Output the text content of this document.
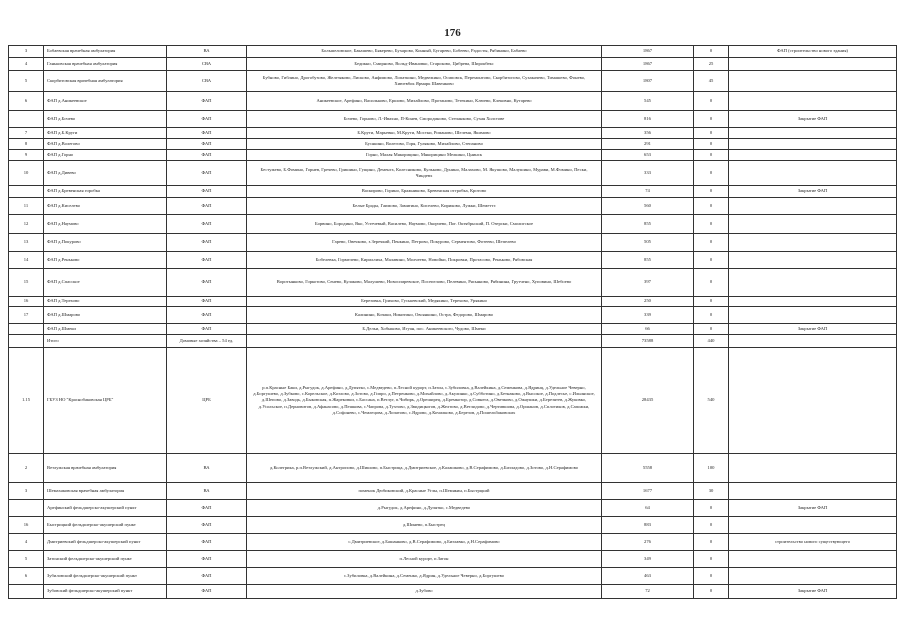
176
3	Бобаевская врачебная амбулатория	ВА	Большеловское, Бакашево, Бякерево, Бухарово, Конный, Бугарево, Бобеево, Радосты, Рябинино, Бабаево	1867	0	ФАП (строительство нового здания)
4	Ганьковская врачебная амбулатория	СВА	Бедикно, Смирново, Вольд-Ивановко, Староково, Цибрева, Широкбекс	1867	25	
5	Скорбитовская врачебная амбулатория	СВА	Бубново, Гиблино, Дрогобузово, Железяково, Лисково, Анфимово, Лопаткино, Медвежино, Осиповск, Перемонтово, Скорбитогово, Сухакачево, Тимашево, Фонево, Хиюевбок Ярмарк Шавенково	1807	45	
6	ФАП д.Аникеевское	ФАП	Аникеевское, Арефино, Васильково, Ершово, Михайлово, Протаново, Тетекино, Клюево, Клековно, Кутарево	545	0	
	ФАП д.Бочево	ФАП	Бочево, Горново, Л.-Ивахно, П-Конев, Смородиново, Степанково, Сухая Холстове	816	0	Закрытие ФАП
7	ФАП д.Б.Круги	ФАП	Б.Крути, Марьевко, М.Крути, Мостки, Романово, Шелемя, Якимово	356	0	
8	ФАП д.Волегово	ФАП	Бусякино, Волегово, Горя, Гуляково, Михайлово, Степаново	291	0	
9	ФАП д.Горно	ФАП	Горно, Малая Мякорицино, Мякорицино Мелкино, Цнинск	653	0	
10	ФАП д.Дивево	ФАП	Бестужево, Б.Фомино, Горнев, Гречево, Гришино, Гущино, Деменгх, Колесниково, Кульково, Дунино, Малахово, М. Якушово, Малушино, Мурави, М.Фомино, Пески, Чиндевх	333	0	
	ФАП д.Бревенская горобка	ФАП	Васкирово, Горино, Бражниково, Бревенская отгробка, Кротово	74	0	Закрытие ФАП
11	ФАП д.Киселево	ФАП	Белые Брады, Гаимово, Замятино, Киселево, Кириково, Лужки, Шеметтэ	560	0	
12	ФАП д.Наумово	ФАП	Борвино, Бородино, Вко, Устечевый, Василево, Наумово, Окорчево, Пог. Октябрьский, П. Озерски, Смолигское	855	0	
13	ФАП д.Покурово	ФАП	Гарево, Овечково, з.Зеречкий, Пенкино, Петрово, Покурово, Серментово, Фотеево, Шепелево	505	0	
14	ФАП д.Реньково	ФАП	Бобелевка, Гормелево, Кириллиха, Малавино, Молчеево, Новойки, Покровки, Протасово, Реньково, Рябовская	855	0	
15	ФАП д.Спасское	ФАП	Воротынково, Горкотово, Сенево, Кулаково, Малушево, Новоспиревское, Посепелово, Пелевино, Рясьяново, Рябинина, Грутчено, Хуповино, Шебоево	397	0	
16	ФАП д.Терехово	ФАП	Березовка, Грихово, Гуськевский, Медякино, Терехово, Урякино	250	0	
17	ФАП д.Шмарово	ФАП	Калинино, Кочаки, Никитино, Овсянкино, Остра, Федорово, Шмарово	339	0	
	ФАП д.Шмеки	ФАП	Б.Дельи, Хобыково, Игуан, пос. Аникеевского, Чудово, Шмеки	66	0	Закрытие ФАП
	Итого	Домовые хозяйства – 54 ед.		73588	440	
1.15	ГБУЗ НО "Краснобаковская ЦРБ"	ЦРБ	р.п.Красные Баки, д.Рыгудок, д.Арефино, д.Дупятко, с.Медведево, п.Лесной курорт, п.Затон, с.Зубиловка, д.Валейкина, д.Семенкова, д.Ядринц, д.Удельное Чеверно, д.Боргушево, д.Зубково, с.Корельское, д.Козлово, д.Зотово, д.Гипро, д.Петренково, д.Михайлово, д.Акулинко, д.Субботино, д.Бетнаково, д.Высокое, д.Подлесье, с.Ильинское, д.Шепово, д.Заводь, д.Быковская, п.Жарековки, с.Бассана, п.Ветлуг, п.Чибирь, д.Ореширец, д.Бремкотор, д.Совнега, д.Овечково, д.Ожаушки, д.Березятев, д.Жуковко, д.Усольское, п.Дерновитов, д.Афанасово, д.Пешкова, с.Чапрова, д.Тухтово, д.Звидицкогов, д.Желтово, д.Ветлидово, д.Чертившова, д.Оршанов, д.Сплотиков, д.Сапожки, д.Софонево, с.Чемлецова, д.Лопатово, с.Ядрово, д.Кочилково, д.Березов, д.Пошельбаковских	28435	540	
2	Ветлужская врачебная амбулатория	ВА	д.Колегрика, р.п.Ветлужский, д.Антропово, д.Шишово, п.Быстрица, д.Дмитриевское, д.Калашково, д.В.Серафимово, д.Бизладово, д.Зотово, д.Н.Серафимово	5558	100	
3	Шемахаковская врачебная амбулатория	ВА	поменок Дюбиковский, д.Красные Углы, п.Шемякин, п.Быстрцкий	1677	30	
	Арефинский фельдшерско-акушерский пункт	ФАП	д.Рыгудок, д.Арефино, д.Дупятко, с.Медведево	64	0	Закрытие ФАП
16	Быстрицкий фельдшерско-акушерский пункт	ФАП	д.Шинево, п.Быстрец	883	0	
4	Дмитриевский фельдшерско-акушерский пункт	ФАП	с.Дмитриевское, д.Башанково, д.В.Серафимово, д.Бизлавко, д.Н.Серафимово	276	0	строительство нового существующего
5	Затонский фельдшерско-акушерский пункт	ФАП	п.Лесной курорт, п.Затон	349	0	
6	Зубиловский фельдшерско-акушерский пункт	ФАП	с.Зубиловка, д.Валейкина, д.Семенко, д.Ядрин, д.Удельное Чеверно, д.Боргушево	463	0	
	Зубовский фельдшерско-акушерский пункт	ФАП	д.Зубово	72	0	Закрытие ФАП
